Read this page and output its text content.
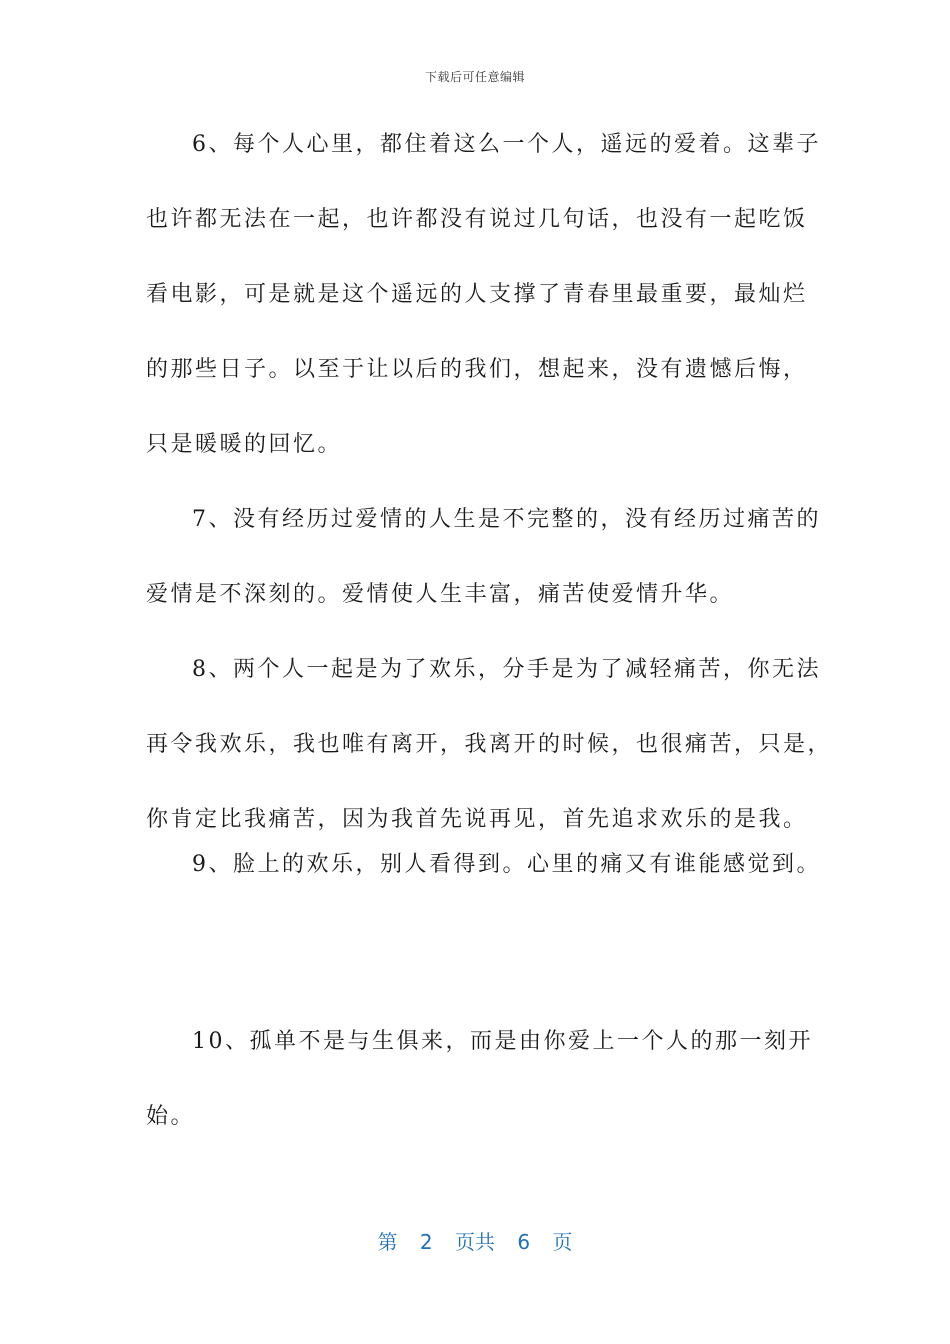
下载后可任意编辑
6、每个人心里，都住着这么一个人，遥远的爱着。这辈子
也许都无法在一起，也许都没有说过几句话，也没有一起吃饭
看电影，可是就是这个遥远的人支撑了青春里最重要，最灿烂
的那些日子。以至于让以后的我们，想起来，没有遗憾后悔，
只是暖暖的回忆。
7、没有经历过爱情的人生是不完整的，没有经历过痛苦的
爱情是不深刻的。爱情使人生丰富，痛苦使爱情升华。
8、两个人一起是为了欢乐，分手是为了减轻痛苦，你无法
再令我欢乐，我也唯有离开，我离开的时候，也很痛苦，只是，
你肯定比我痛苦，因为我首先说再见，首先追求欢乐的是我。
9、脸上的欢乐，别人看得到。心里的痛又有谁能感觉到。
10、孤单不是与生俱来，而是由你爱上一个人的那一刻开
始。
第 2 页共 6 页
